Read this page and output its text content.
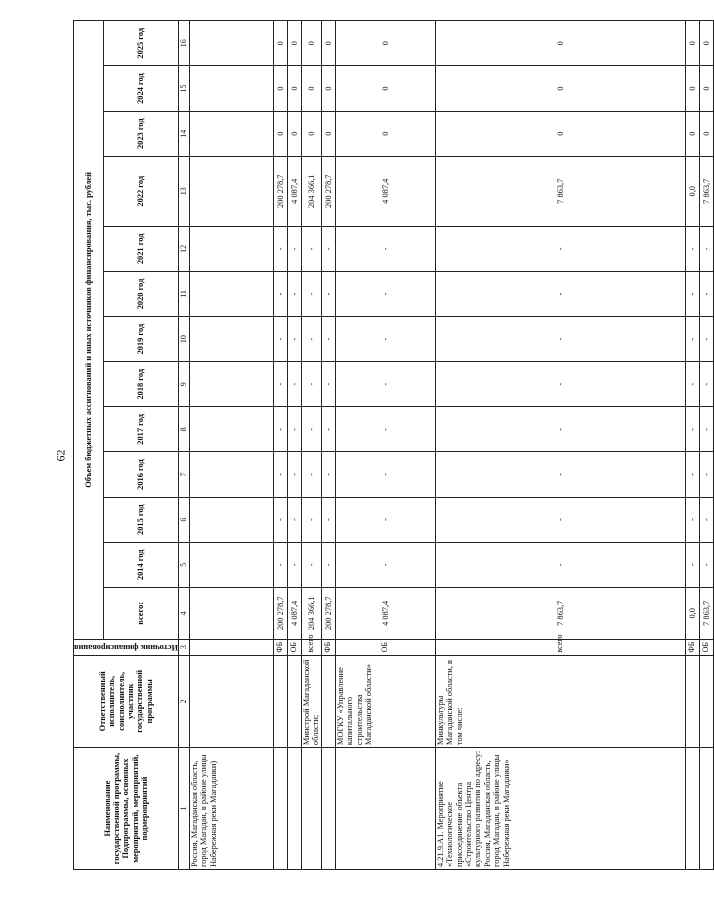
62
Наименование государственной программы, Подпрограммы, основных мероприятий, мероприятий, подмероприятий	Ответственный исполнитель, соисполнитель, участник государственной программы	Источник финансирования	Объем бюджетных ассигнований и иных источников финансирования, тыс. рублей												
			всего:	2014 год	2015 год	2016 год	2017 год	2018 год	2019 год	2020 год	2021 год	2022 год	2023 год	2024 год	2025 год

1	2	3	4	5	6	7	8	9	10	11	12	13	14	15	16
Россия, Магаданская область, город Магадан, в районе улицы Набережная реки Магаданки)															
		ФБ	200 278,7	-	-	-	-	-	-	-	-	200 278,7	0	0	0
		ОБ	4 087,4	-	-	-	-	-	-	-	-	4 087,4	0	0	0
	Минстрой Магаданской области;	всего	204 366,1	-	-	-	-	-	-	-	-	204 366,1	0	0	0
		ФБ	200 278,7	-	-	-	-	-	-	-	-	200 278,7	0	0	0
	МОГКУ «Управление капитального строительства Магаданской области»	ОБ	4 087,4	-	-	-	-	-	-	-	-	4 087,4	0	0	0
4.21.9.А1. Мероприятие «Технологическое присоединение объекта «Строительство Центра культурного развития по адресу: Россия, Магаданская область, город Магадан, в районе улицы Набережная реки Магаданки»	Минкультуры Магаданской области, в том числе:	всего	7 863,7	-	-	-	-	-	-	-	-	7 863,7	0	0	0
		ФБ	0,0	-	-	-	-	-	-	-	-	0,0	0	0	0
		ОБ	7 863,7	-	-	-	-	-	-	-	-	7 863,7	0	0	0
